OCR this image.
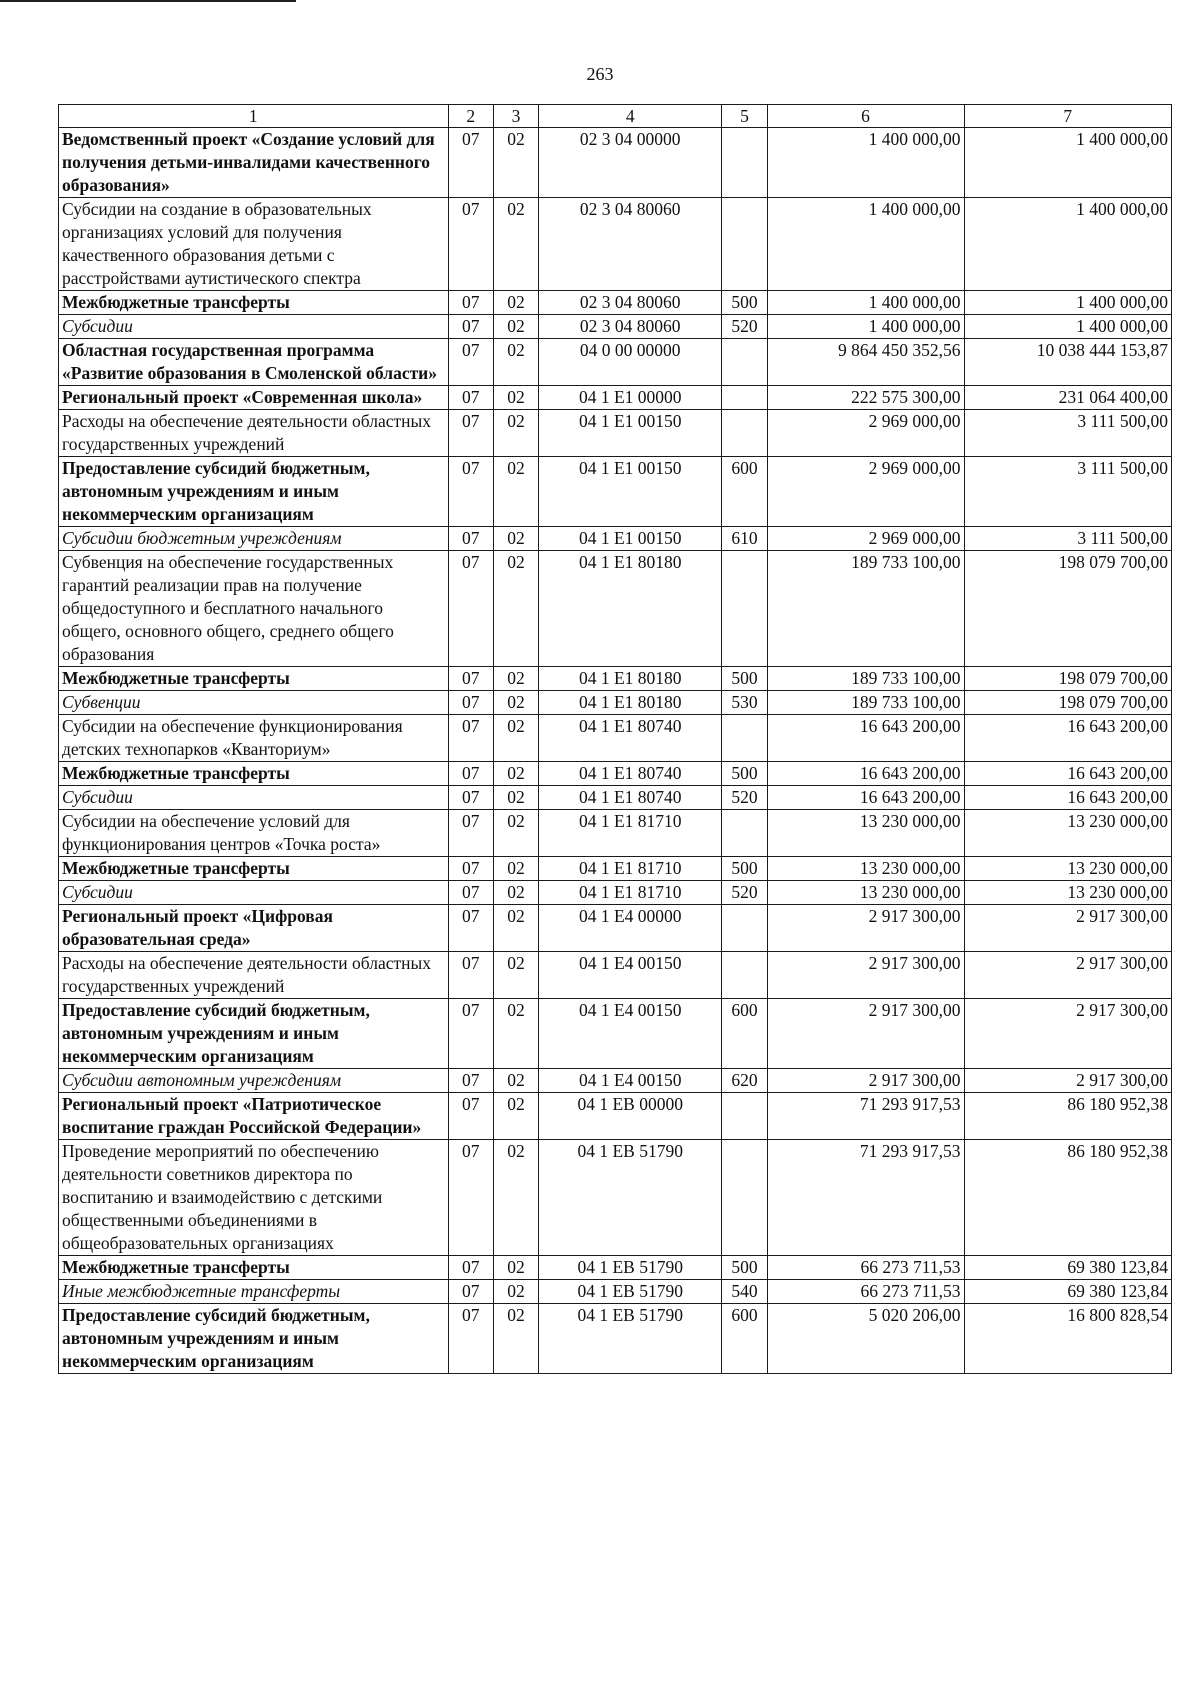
263
1	2	3	4	5	6	7
Ведомственный проект «Создание условий для получения детьми-инвалидами качественного образования»	07	02	02 3 04 00000		1 400 000,00	1 400 000,00
Субсидии на создание в образовательных организациях условий для получения качественного образования детьми с расстройствами аутистического спектра	07	02	02 3 04 80060		1 400 000,00	1 400 000,00
Межбюджетные трансферты	07	02	02 3 04 80060	500	1 400 000,00	1 400 000,00
Субсидии	07	02	02 3 04 80060	520	1 400 000,00	1 400 000,00
Областная государственная программа «Развитие образования в Смоленской области»	07	02	04 0 00 00000		9 864 450 352,56	10 038 444 153,87
Региональный проект «Современная школа»	07	02	04 1 E1 00000		222 575 300,00	231 064 400,00
Расходы на обеспечение деятельности областных государственных учреждений	07	02	04 1 E1 00150		2 969 000,00	3 111 500,00
Предоставление субсидий бюджетным, автономным учреждениям и иным некоммерческим организациям	07	02	04 1 E1 00150	600	2 969 000,00	3 111 500,00
Субсидии бюджетным учреждениям	07	02	04 1 E1 00150	610	2 969 000,00	3 111 500,00
Субвенция на обеспечение государственных гарантий реализации прав на получение общедоступного и бесплатного начального общего, основного общего, среднего общего образования	07	02	04 1 E1 80180		189 733 100,00	198 079 700,00
Межбюджетные трансферты	07	02	04 1 E1 80180	500	189 733 100,00	198 079 700,00
Субвенции	07	02	04 1 E1 80180	530	189 733 100,00	198 079 700,00
Субсидии на обеспечение функционирования детских технопарков «Кванториум»	07	02	04 1 E1 80740		16 643 200,00	16 643 200,00
Межбюджетные трансферты	07	02	04 1 E1 80740	500	16 643 200,00	16 643 200,00
Субсидии	07	02	04 1 E1 80740	520	16 643 200,00	16 643 200,00
Субсидии на обеспечение условий для функционирования центров «Точка роста»	07	02	04 1 E1 81710		13 230 000,00	13 230 000,00
Межбюджетные трансферты	07	02	04 1 E1 81710	500	13 230 000,00	13 230 000,00
Субсидии	07	02	04 1 E1 81710	520	13 230 000,00	13 230 000,00
Региональный проект «Цифровая образовательная среда»	07	02	04 1 E4 00000		2 917 300,00	2 917 300,00
Расходы на обеспечение деятельности областных государственных учреждений	07	02	04 1 E4 00150		2 917 300,00	2 917 300,00
Предоставление субсидий бюджетным, автономным учреждениям и иным некоммерческим организациям	07	02	04 1 E4 00150	600	2 917 300,00	2 917 300,00
Субсидии автономным учреждениям	07	02	04 1 E4 00150	620	2 917 300,00	2 917 300,00
Региональный проект «Патриотическое воспитание граждан Российской Федерации»	07	02	04 1 EB 00000		71 293 917,53	86 180 952,38
Проведение мероприятий по обеспечению деятельности советников директора по воспитанию и взаимодействию с детскими общественными объединениями в общеобразовательных организациях	07	02	04 1 EB 51790		71 293 917,53	86 180 952,38
Межбюджетные трансферты	07	02	04 1 EB 51790	500	66 273 711,53	69 380 123,84
Иные межбюджетные трансферты	07	02	04 1 EB 51790	540	66 273 711,53	69 380 123,84
Предоставление субсидий бюджетным, автономным учреждениям и иным некоммерческим организациям	07	02	04 1 EB 51790	600	5 020 206,00	16 800 828,54
